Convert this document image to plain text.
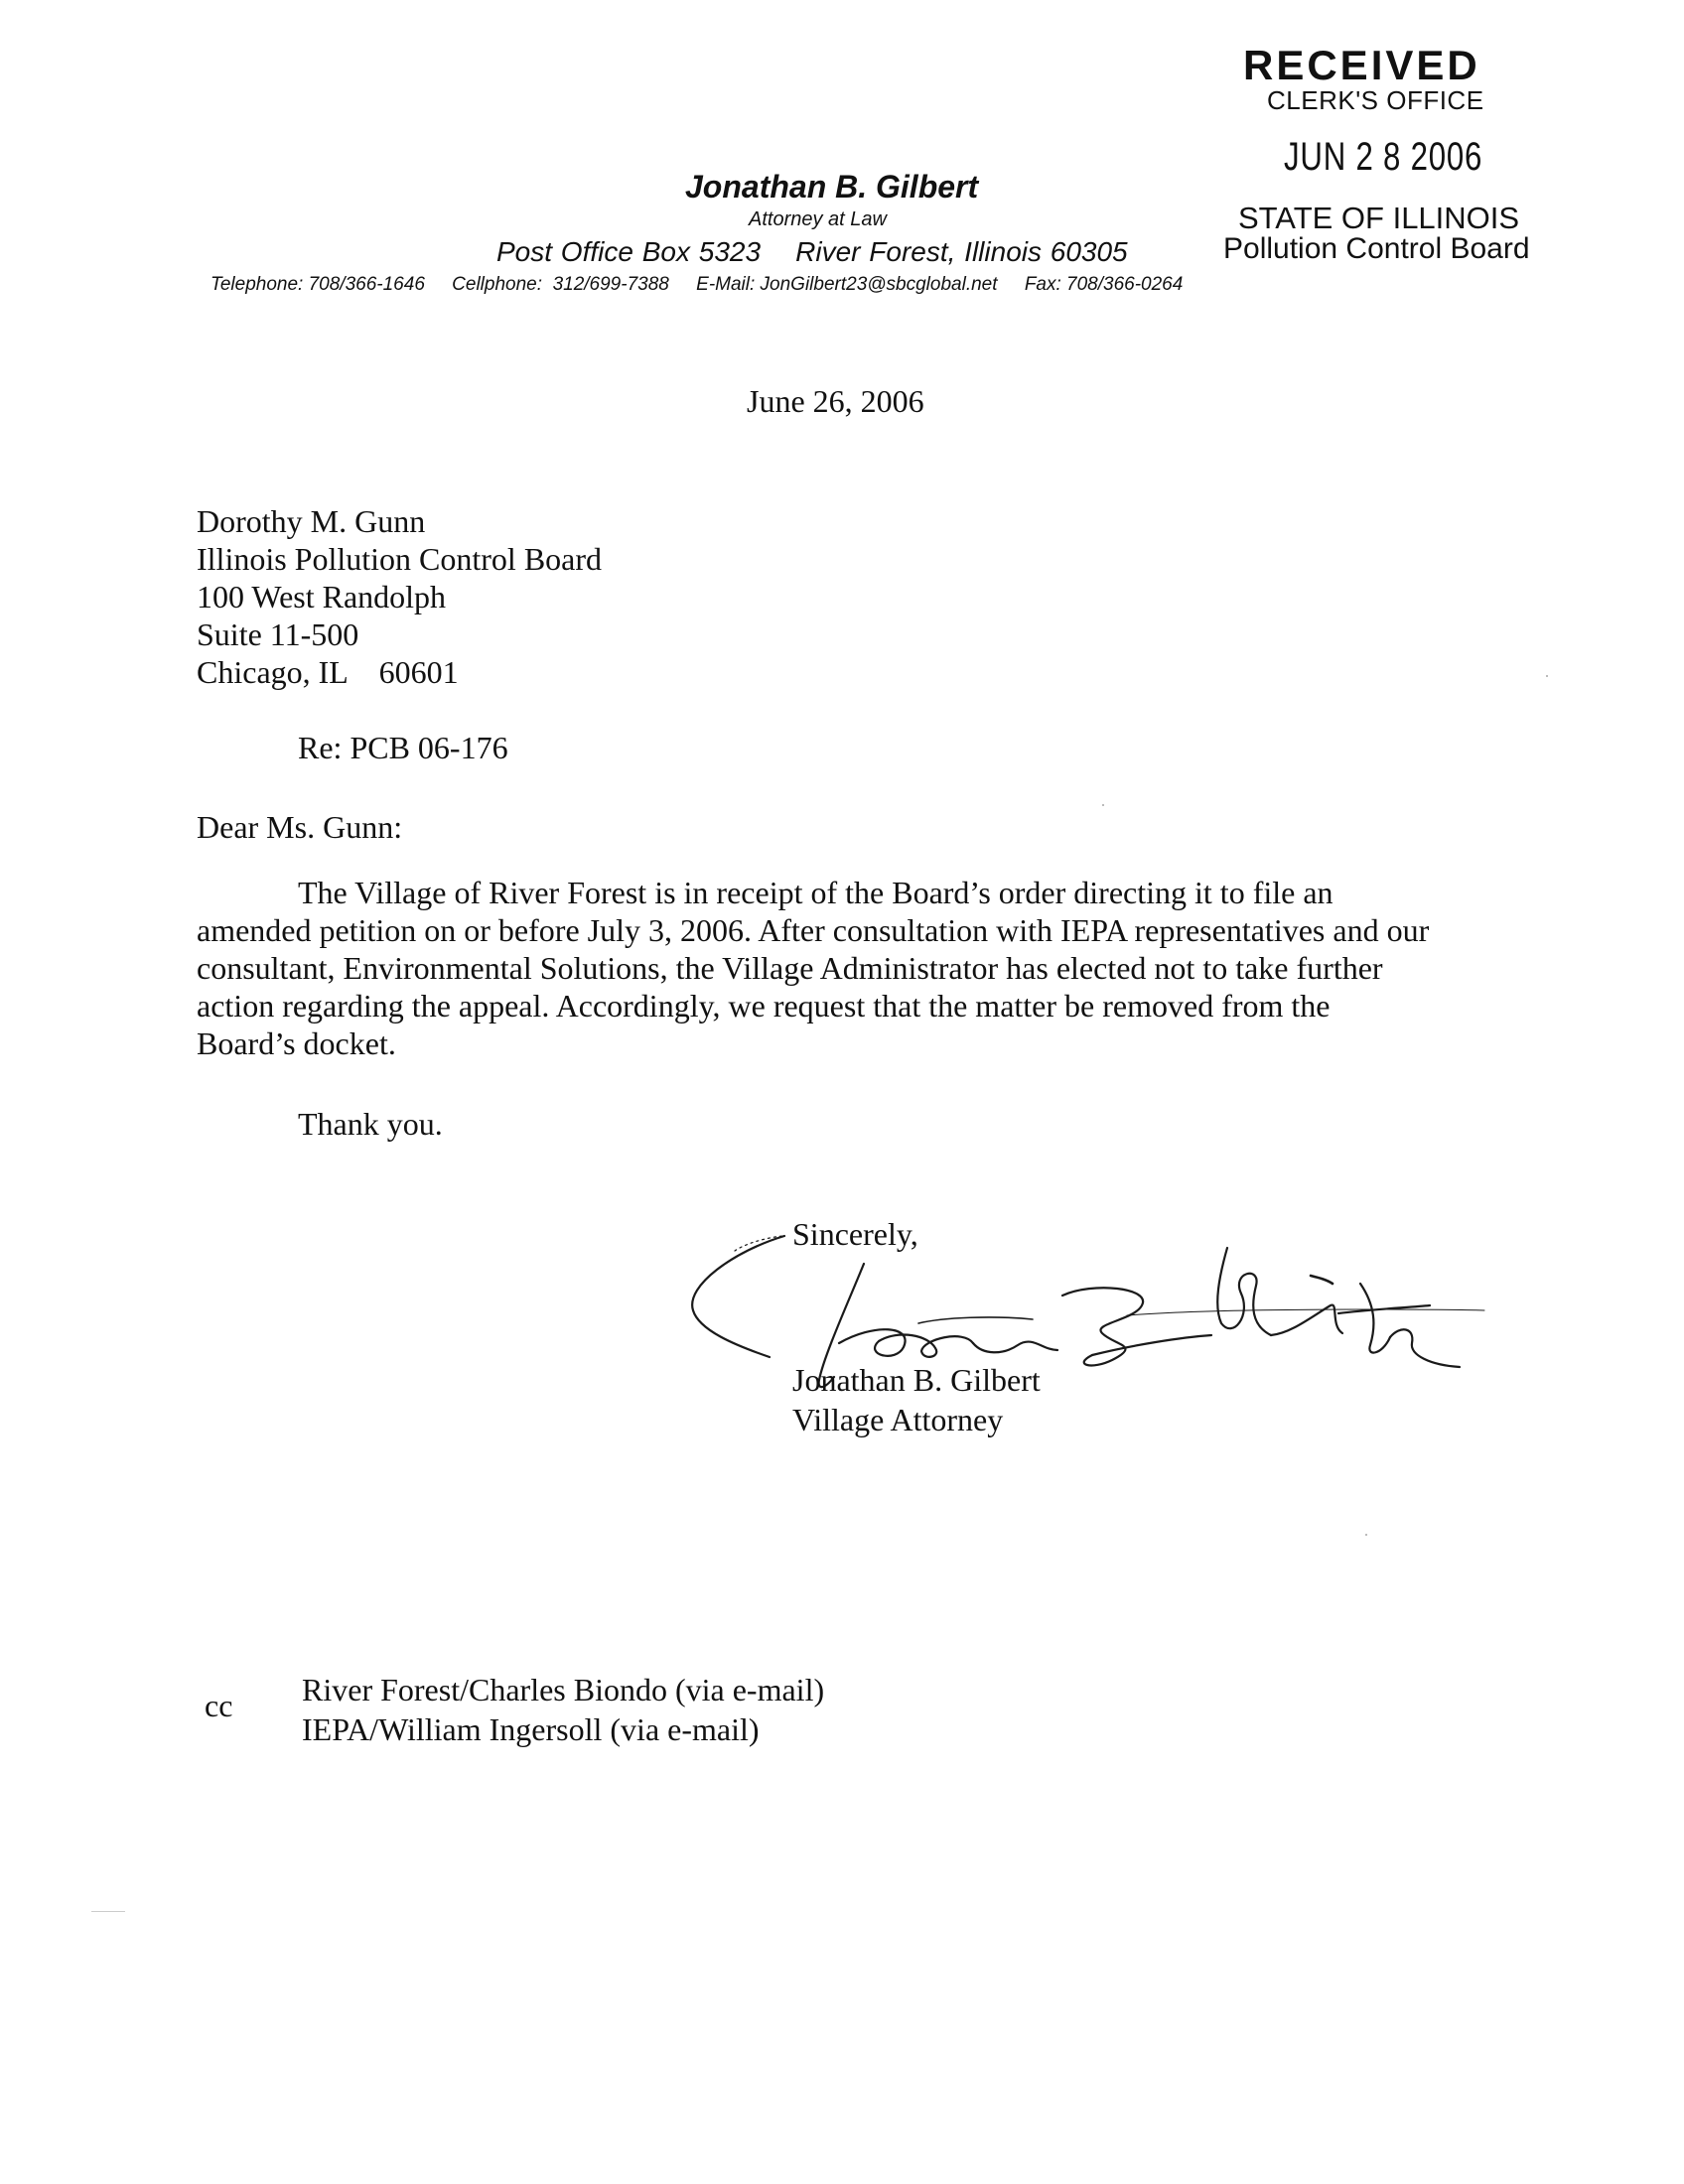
RECEIVED
CLERK'S OFFICE
JUN 2 8 2006
STATE OF ILLINOIS
Pollution Control Board
Jonathan B. Gilbert
Attorney at Law
Post Office Box 5323    River Forest, Illinois 60305
Telephone: 708/366-1646 Cellphone:  312/699-7388 E-Mail: JonGilbert23@sbcglobal.net Fax: 708/366-0264
June 26, 2006
Dorothy M. Gunn
Illinois Pollution Control Board
100 West Randolph
Suite 11-500
Chicago, IL    60601
Re: PCB 06-176
Dear Ms. Gunn:
The Village of River Forest is in receipt of the Board’s order directing it to file an
amended petition on or before July 3, 2006. After consultation with IEPA representatives and our
consultant, Environmental Solutions, the Village Administrator has elected not to take further
action regarding the appeal. Accordingly, we request that the matter be removed from the
Board’s docket.
Thank you.
Sincerely,
Jonathan B. Gilbert
Village Attorney
cc River Forest/Charles Biondo (via e-mail)
IEPA/William Ingersoll (via e-mail)
